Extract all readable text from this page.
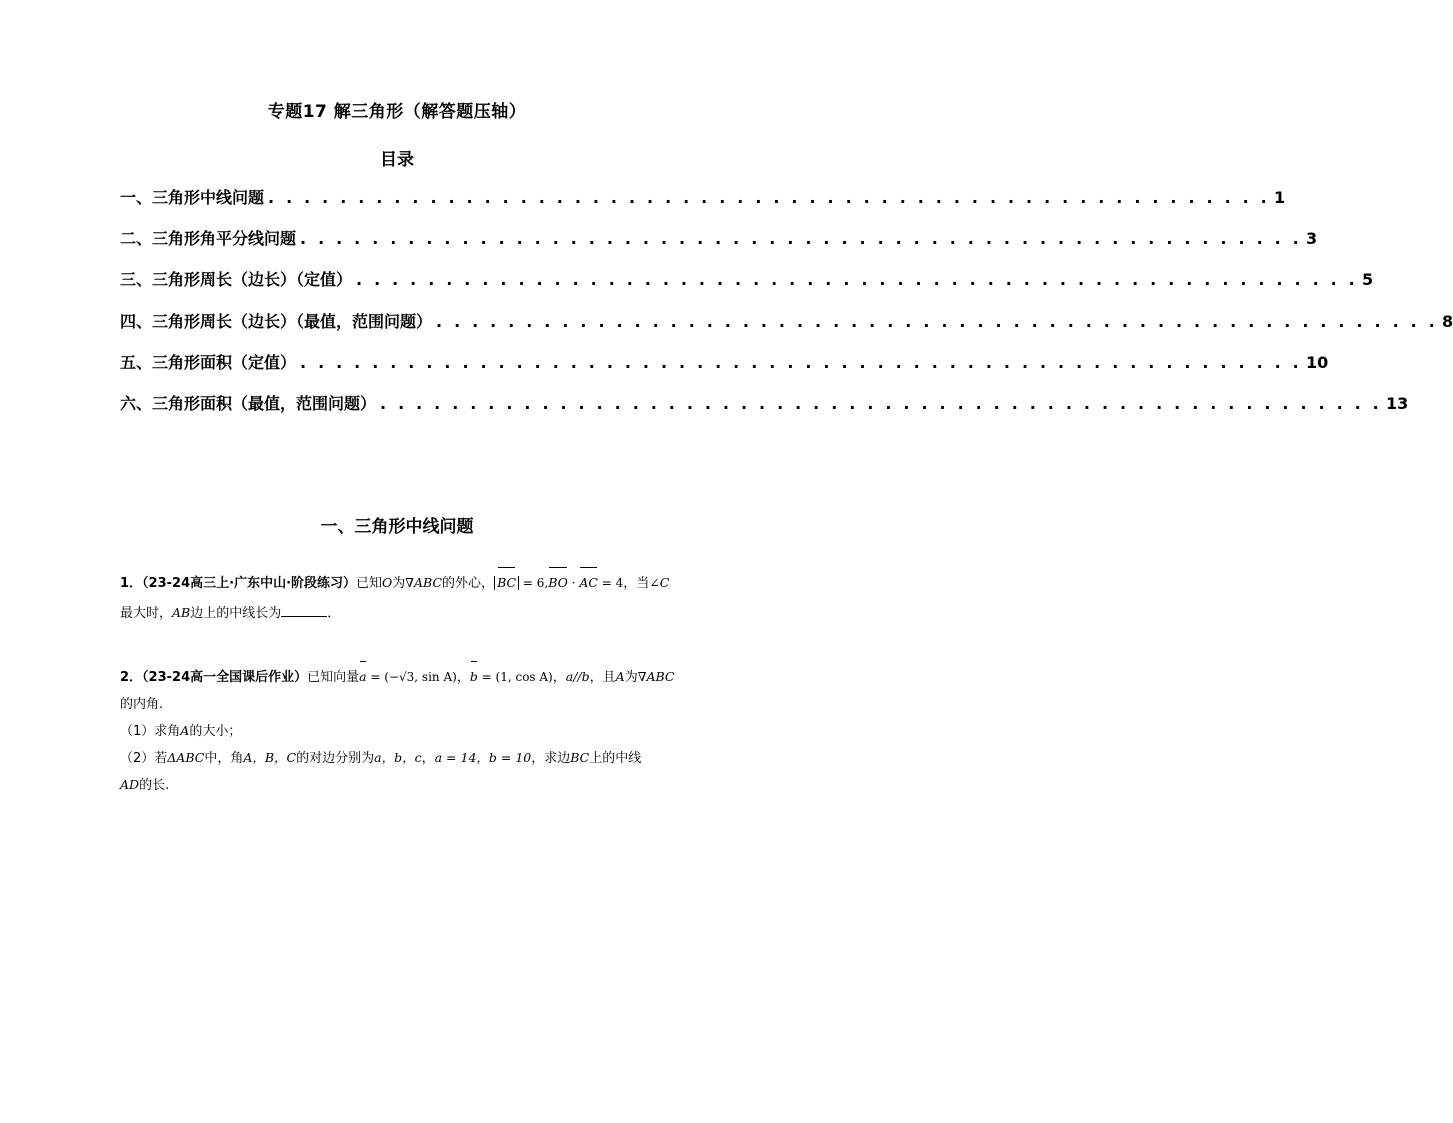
专题17 解三角形（解答题压轴）
目录
一、三角形中线问题 . . . . . . . . . . . . . . . . . . . . . . . . . . . . . . . . . . . . . . . . . . . . . . . . . . . . . . . . 1
二、三角形角平分线问题 . . . . . . . . . . . . . . . . . . . . . . . . . . . . . . . . . . . . . . . . . . . . . . . . . . . . . . . . 3
三、三角形周长（边长）（定值） . . . . . . . . . . . . . . . . . . . . . . . . . . . . . . . . . . . . . . . . . . . . . . . . . . . . . . . . 5
四、三角形周长（边长）（最值，范围问题） . . . . . . . . . . . . . . . . . . . . . . . . . . . . . . . . . . . . . . . . . . . . . . . . . . . . . . . . 8
五、三角形面积（定值） . . . . . . . . . . . . . . . . . . . . . . . . . . . . . . . . . . . . . . . . . . . . . . . . . . . . . . . . 10
六、三角形面积（最值，范围问题） . . . . . . . . . . . . . . . . . . . . . . . . . . . . . . . . . . . . . . . . . . . . . . . . . . . . . . . . 13
一、三角形中线问题
1．（23-24高三上·广东中山·阶段练习）已知O为∇ABC的外心， BC = 6,BO · AC = 4，当∠C
最大时，AB边上的中线长为	．
2．（23-24高一全国课后作业）已知向量a = (−√3, sin A)，b = (1, cos A)，a//b，且A为∇ABC
的内角.
（1）求角A的大小；
（2）若ΔABC中，角A，B，C的对边分别为a，b，c，a = 14，b = 10，求边BC上的中线
AD的长.
